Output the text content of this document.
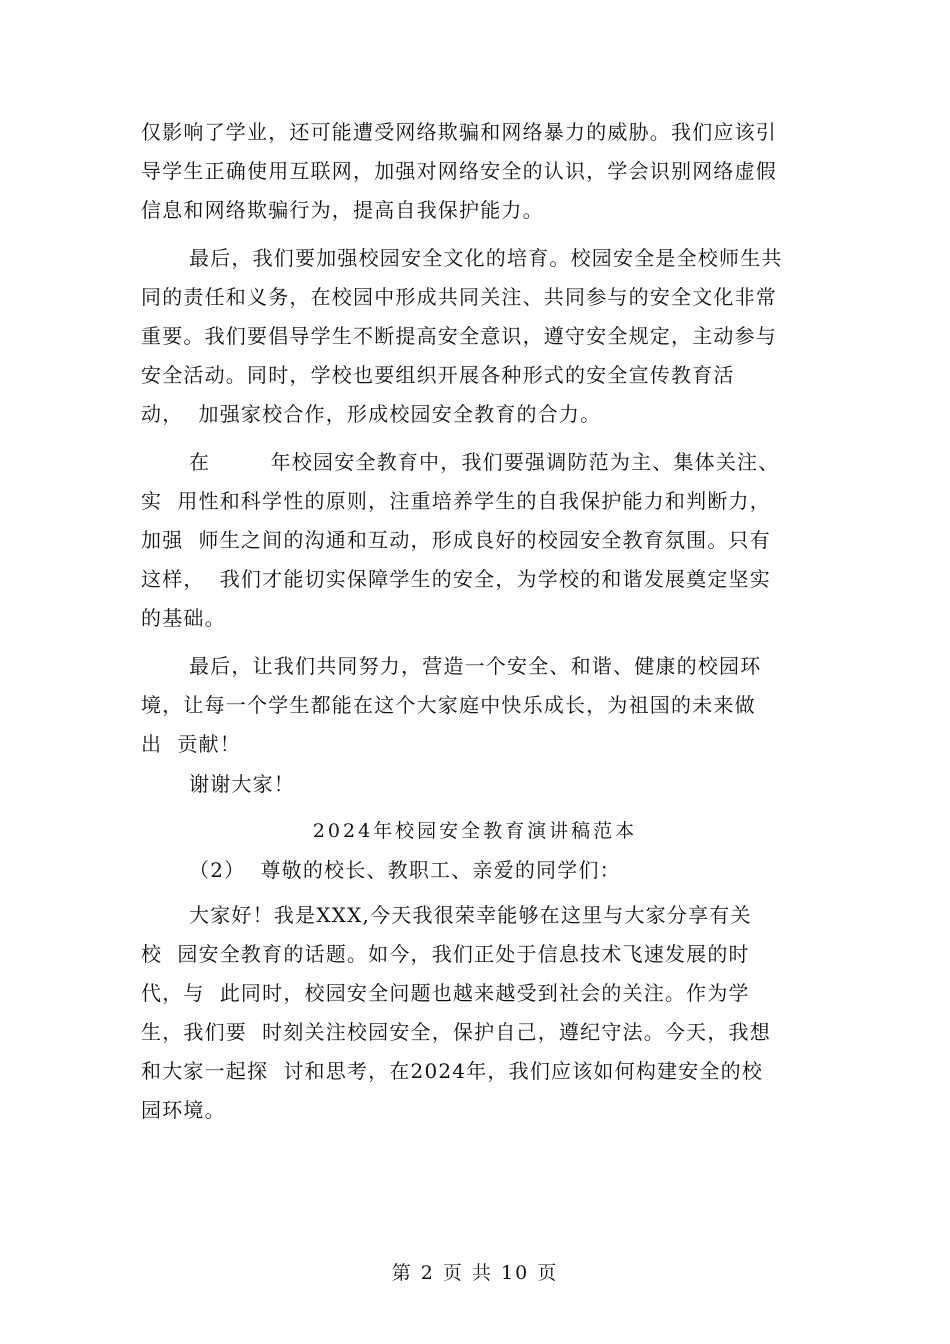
仅影响了学业，还可能遭受网络欺骗和网络暴力的威胁。我们应该引
导学生正确使用互联网，加强对网络安全的认识，学会识别网络虚假
信息和网络欺骗行为，提高自我保护能力。
最后，我们要加强校园安全文化的培育。校园安全是全校师生共
同的责任和义务，在校园中形成共同关注、共同参与的安全文化非常
重要。我们要倡导学生不断提高安全意识，遵守安全规定，主动参与
安全活动。同时，学校也要组织开展各种形式的安全宣传教育活
动，  加强家校合作，形成校园安全教育的合力。
在        年校园安全教育中，我们要强调防范为主、集体关注、
实  用性和科学性的原则，注重培养学生的自我保护能力和判断力，
加强  师生之间的沟通和互动，形成良好的校园安全教育氛围。只有
这样，  我们才能切实保障学生的安全，为学校的和谐发展奠定坚实
的基础。
最后，让我们共同努力，营造一个安全、和谐、健康的校园环
境，让每一个学生都能在这个大家庭中快乐成长，为祖国的未来做
出  贡献！
谢谢大家！
2024年校园安全教育演讲稿范本
（2）  尊敬的校长、教职工、亲爱的同学们：
大家好！我是XXX,今天我很荣幸能够在这里与大家分享有关
校  园安全教育的话题。如今，我们正处于信息技术飞速发展的时
代，与  此同时，校园安全问题也越来越受到社会的关注。作为学
生，我们要  时刻关注校园安全，保护自己，遵纪守法。今天，我想
和大家一起探  讨和思考，在2024年，我们应该如何构建安全的校
园环境。
第 2 页 共 10 页
